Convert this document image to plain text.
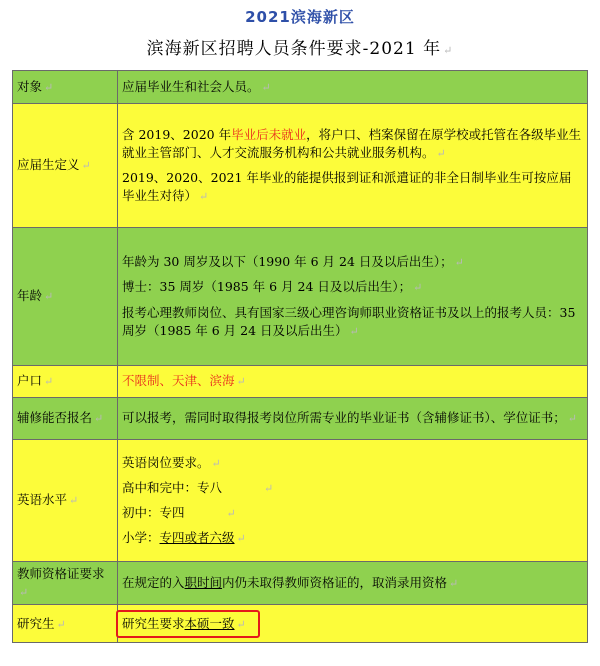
2021滨海新区
滨海新区招聘人员条件要求-2021 年 ↵
对象 ↵	应届毕业生和社会人员。 ↵
应届生定义 ↵	含 2019、2020 年毕业后未就业，将户口、档案保留在原学校或托管在各级毕业生就业主管部门、人才交流服务机构和公共就业服务机构。 ↵

2019、2020、2021 年毕业的能提供报到证和派遣证的非全日制毕业生可按应届毕业生对待） ↵

年龄 ↵	年龄为 30 周岁及以下（1990 年 6 月 24 日及以后出生）； ↵

博士：35 周岁（1985 年 6 月 24 日及以后出生）； ↵

报考心理教师岗位、具有国家三级心理咨询师职业资格证书及以上的报考人员：35 周岁（1985 年 6 月 24 日及以后出生） ↵

户口 ↵	不限制、天津、滨海 ↵
辅修能否报名 ↵	可以报考，需同时取得报考岗位所需专业的毕业证书（含辅修证书）、学位证书； ↵
英语水平 ↵	英语岗位要求。 ↵

高中和完中：专八 ↵

初中：专四 ↵

小学：专四或者六级 ↵

教师资格证要求↵	在规定的入职时间内仍未取得教师资格证的，取消录用资格 ↵
研究生 ↵	研究生要求本硕一致 ↵
